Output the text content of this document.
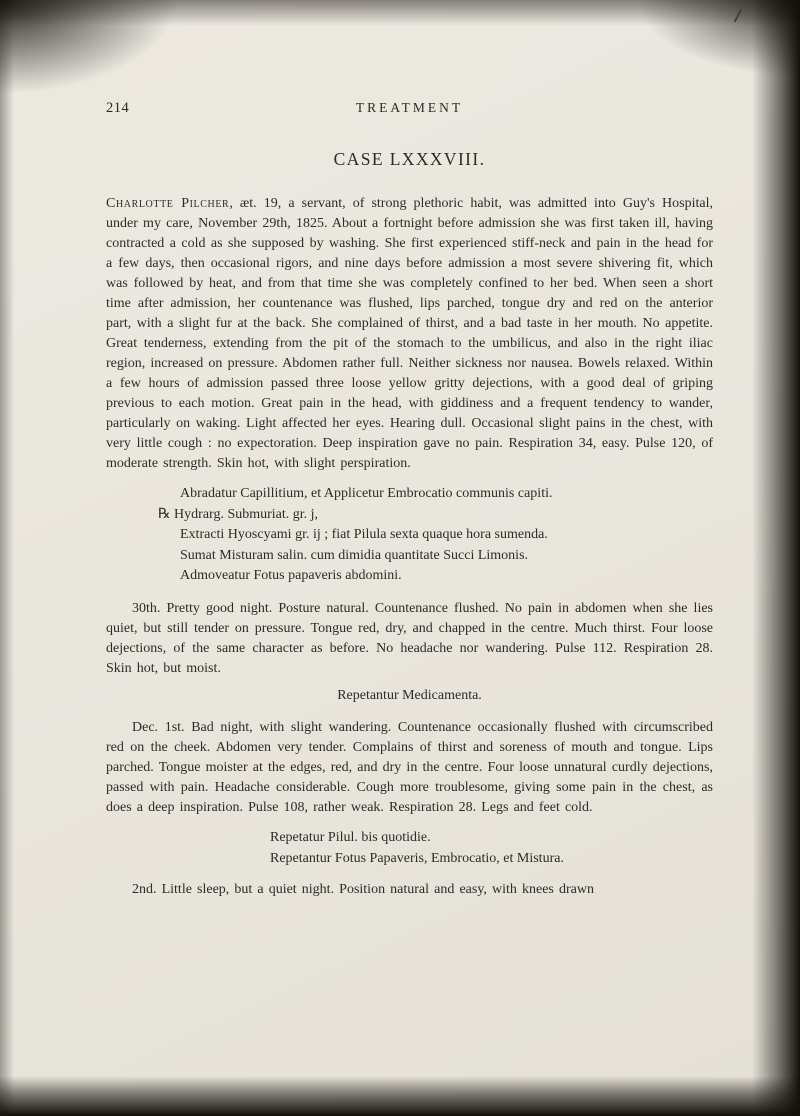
214	TREATMENT
CASE LXXXVIII.

Charlotte Pilcher, æt. 19, a servant, of strong plethoric habit, was admitted into Guy's Hospital, under my care, November 29th, 1825. About a fortnight before admission she was first taken ill, having contracted a cold as she supposed by washing. She first experienced stiff-neck and pain in the head for a few days, then occasional rigors, and nine days before admission a most severe shivering fit, which was followed by heat, and from that time she was completely confined to her bed. When seen a short time after admission, her countenance was flushed, lips parched, tongue dry and red on the anterior part, with a slight fur at the back. She complained of thirst, and a bad taste in her mouth. No appetite. Great tenderness, extending from the pit of the stomach to the umbilicus, and also in the right iliac region, increased on pressure. Abdomen rather full. Neither sickness nor nausea. Bowels relaxed. Within a few hours of admission passed three loose yellow gritty dejections, with a good deal of griping previous to each motion. Great pain in the head, with giddiness and a frequent tendency to wander, particularly on waking. Light affected her eyes. Hearing dull. Occasional slight pains in the chest, with very little cough : no expectoration. Deep inspiration gave no pain. Respiration 34, easy. Pulse 120, of moderate strength. Skin hot, with slight perspiration.

Abradatur Capillitium, et Applicetur Embrocatio communis capiti.
℞ Hydrarg. Submuriat. gr. j,
Extracti Hyoscyami gr. ij ; fiat Pilula sexta quaque hora sumenda.
Sumat Misturam salin. cum dimidia quantitate Succi Limonis.
Admoveatur Fotus papaveris abdomini.

30th. Pretty good night. Posture natural. Countenance flushed. No pain in abdomen when she lies quiet, but still tender on pressure. Tongue red, dry, and chapped in the centre. Much thirst. Four loose dejections, of the same character as before. No headache nor wandering. Pulse 112. Respiration 28. Skin hot, but moist.

Repetantur Medicamenta.

Dec. 1st. Bad night, with slight wandering. Countenance occasionally flushed with circumscribed red on the cheek. Abdomen very tender. Complains of thirst and soreness of mouth and tongue. Lips parched. Tongue moister at the edges, red, and dry in the centre. Four loose unnatural curdly dejections, passed with pain. Headache considerable. Cough more troublesome, giving some pain in the chest, as does a deep inspiration. Pulse 108, rather weak. Respiration 28. Legs and feet cold.

Repetatur Pilul. bis quotidie.
Repetantur Fotus Papaveris, Embrocatio, et Mistura.

2nd. Little sleep, but a quiet night. Position natural and easy, with knees drawn
